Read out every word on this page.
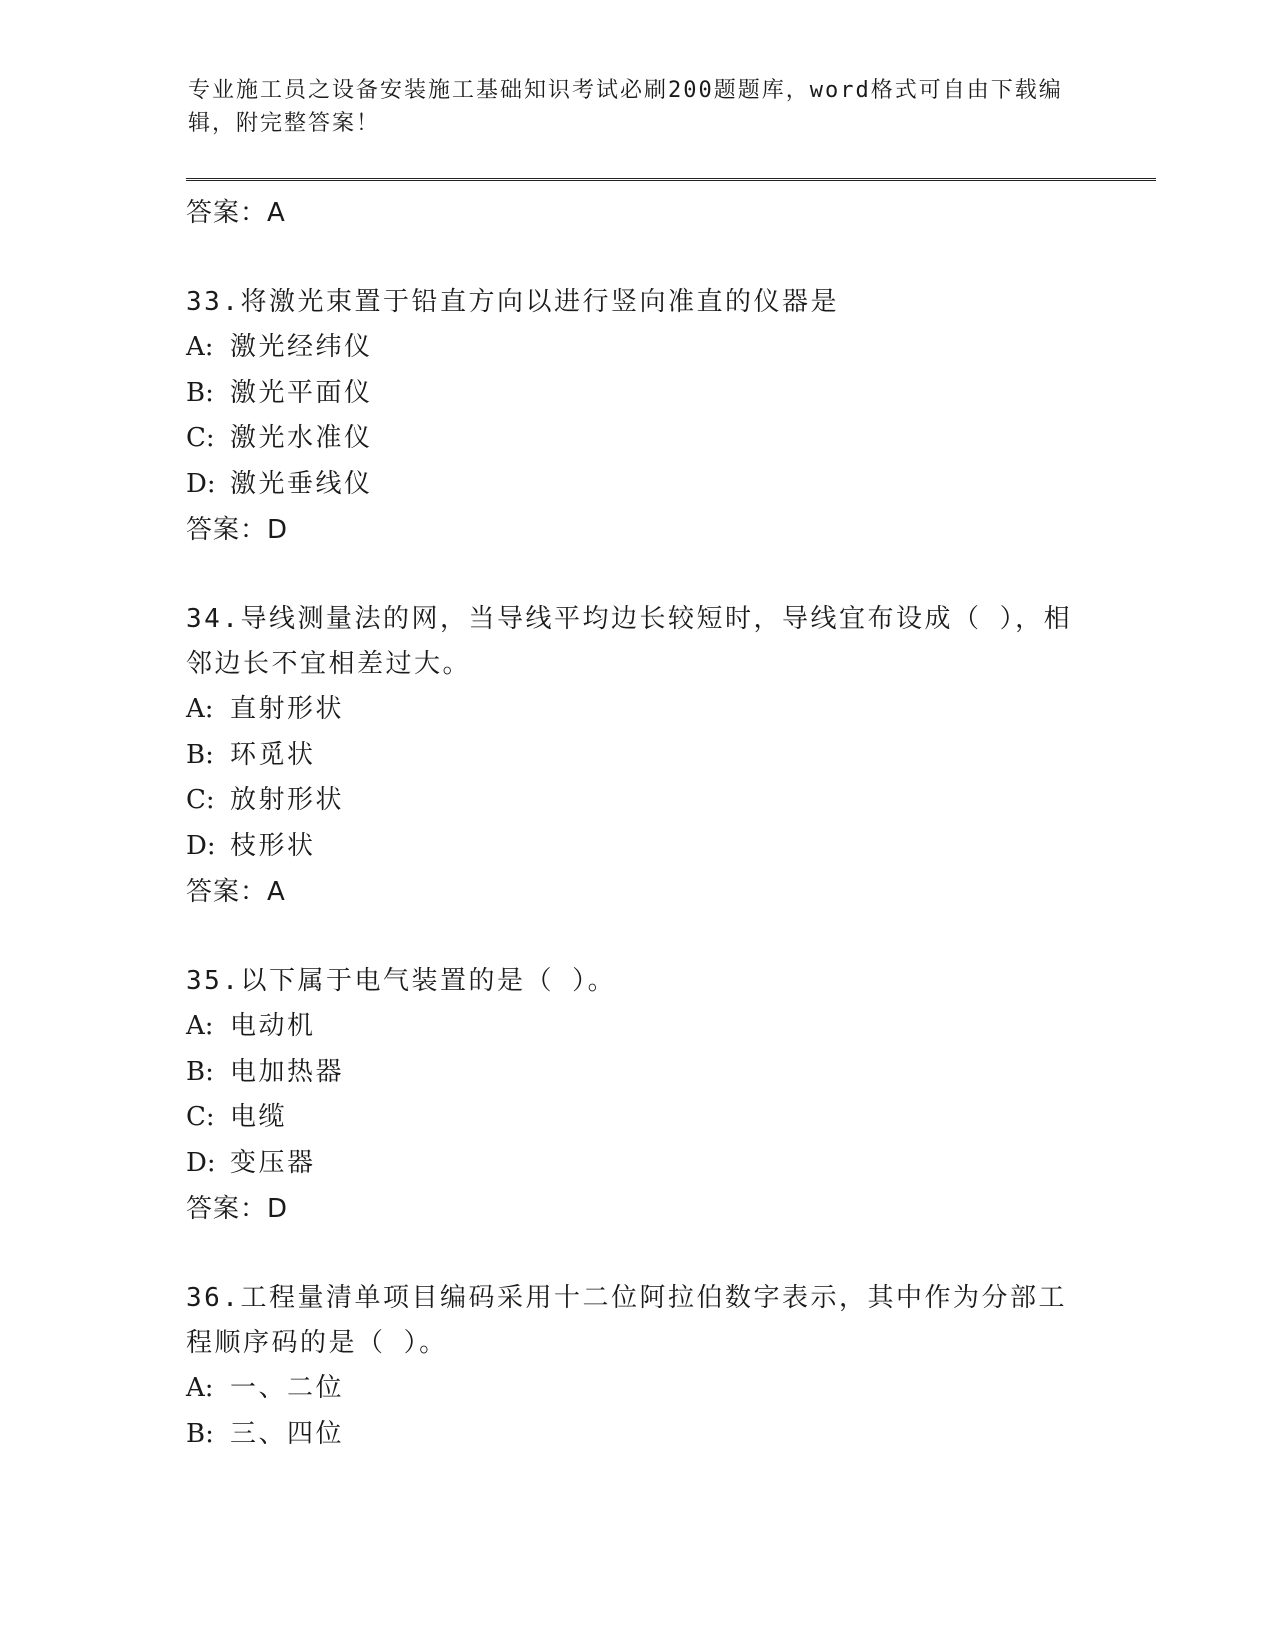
专业施工员之设备安装施工基础知识考试必刷200题题库，word格式可自由下载编辑，附完整答案！
答案：A
33.将激光束置于铅直方向以进行竖向准直的仪器是
A: 激光经纬仪
B: 激光平面仪
C: 激光水准仪
D: 激光垂线仪
答案：D
34.导线测量法的网，当导线平均边长较短时，导线宜布设成（ ），相邻边长不宜相差过大。
A: 直射形状
B: 环觅状
C: 放射形状
D: 枝形状
答案：A
35.以下属于电气装置的是（ ）。
A: 电动机
B: 电加热器
C: 电缆
D: 变压器
答案：D
36.工程量清单项目编码采用十二位阿拉伯数字表示，其中作为分部工程顺序码的是（ ）。
A: 一、二位
B: 三、四位
